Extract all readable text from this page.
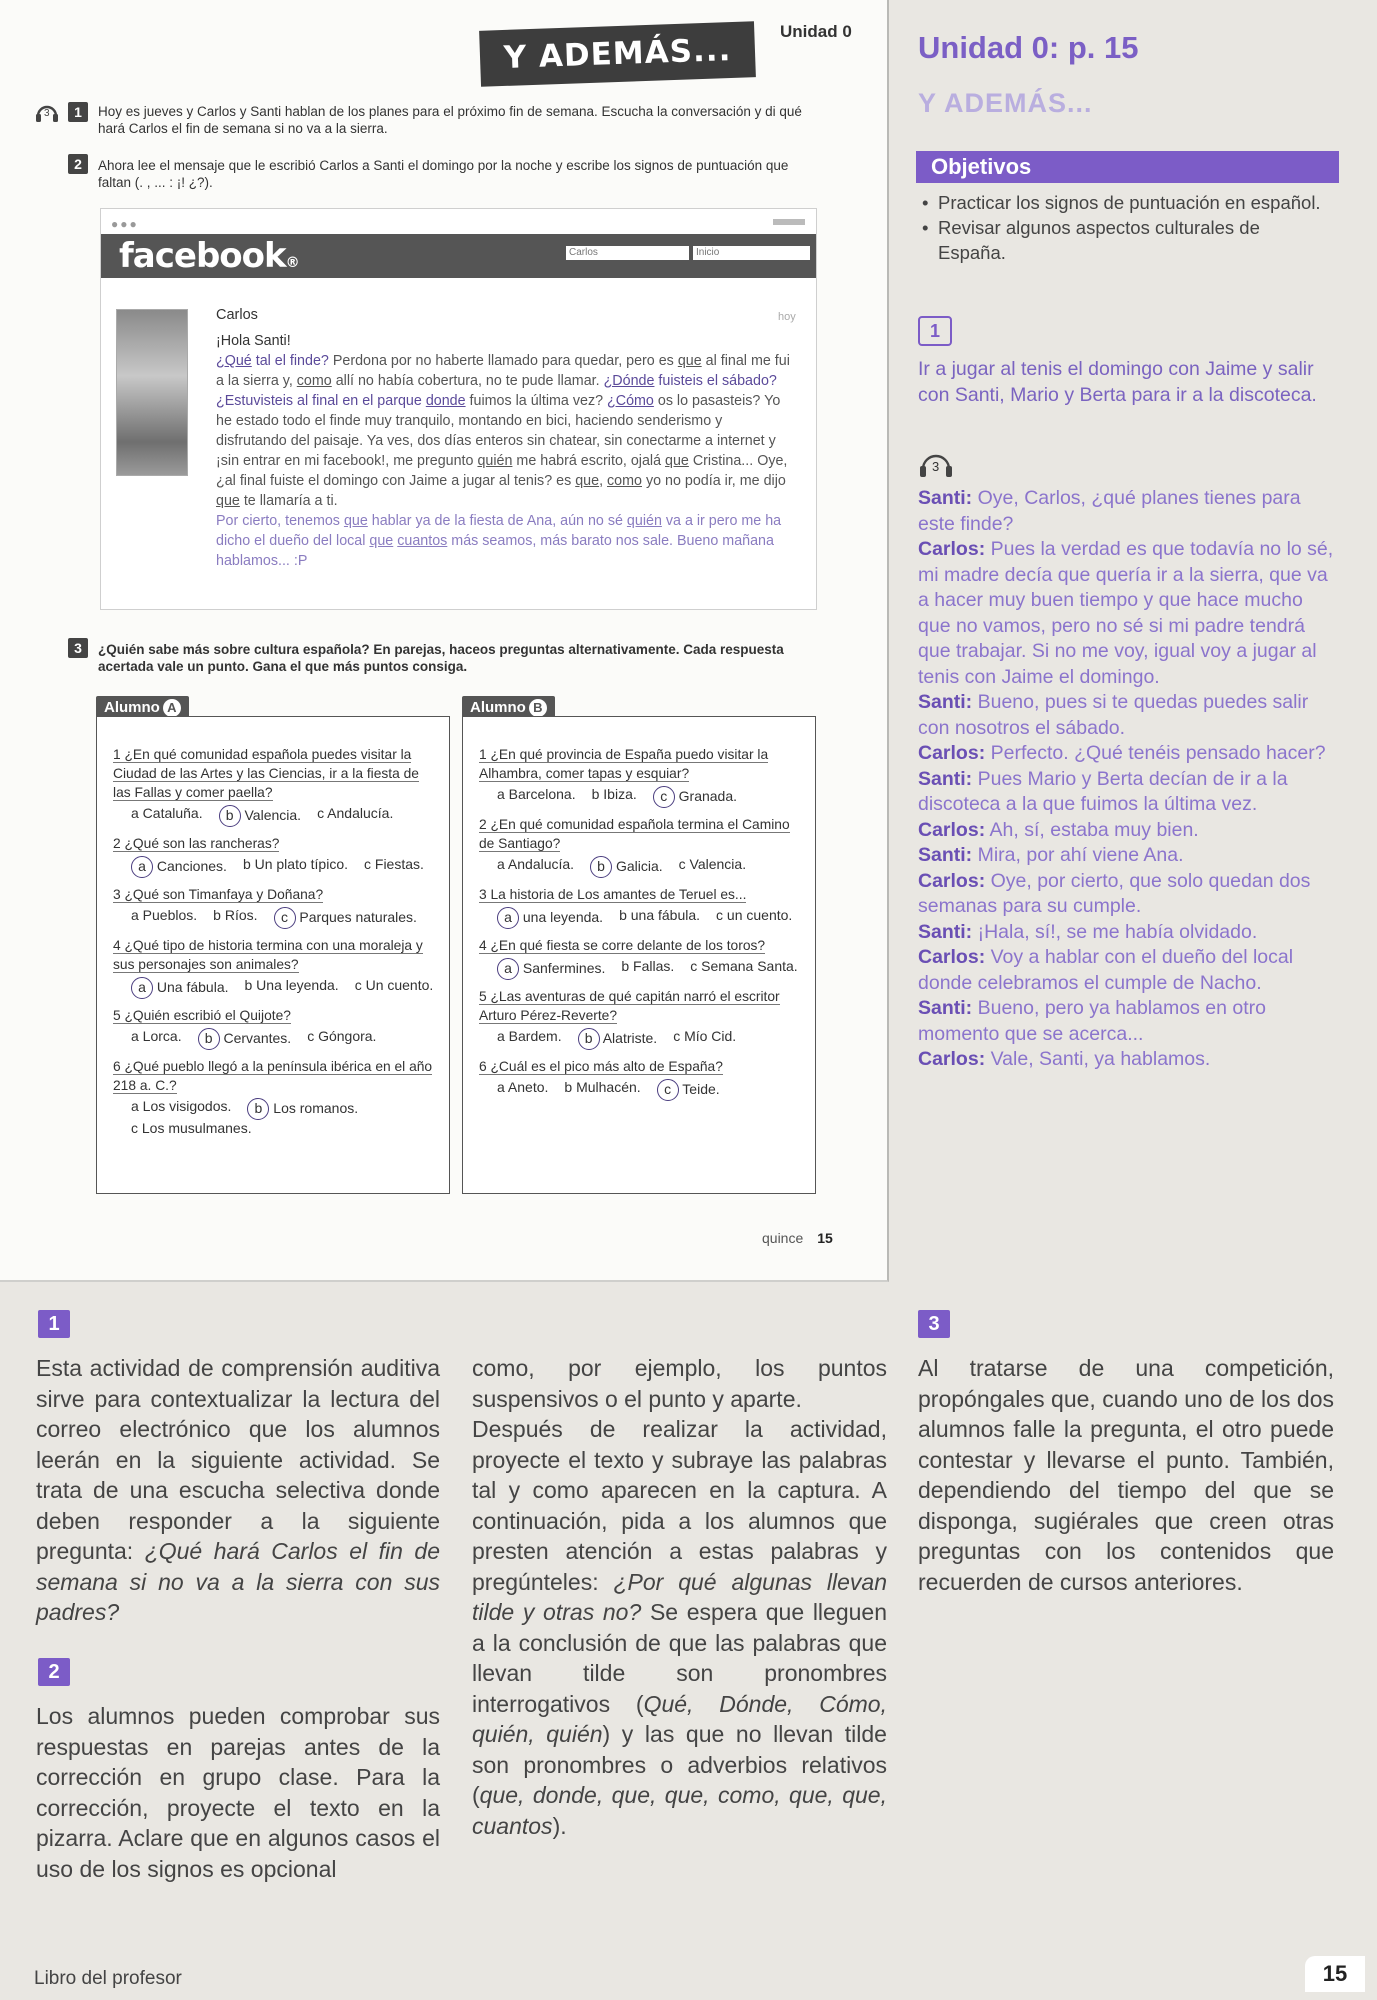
Y ADEMÁS...
Unidad 0
3	1	Hoy es jueves y Carlos y Santi hablan de los planes para el próximo fin de semana. Escucha la conversación y di qué hará Carlos el fin de semana si no va a la sierra.
2	Ahora lee el mensaje que le escribió Carlos a Santi el domingo por la noche y escribe los signos de puntuación que faltan (. , ... : ¡! ¿?).
●●●
facebook®
Carlos	Inicio
Carlos	hoy
¡Hola Santi!
¿Qué tal el finde? Perdona por no haberte llamado para quedar, pero es que al final me fui a la sierra y, como allí no había cobertura, no te pude llamar. ¿Dónde fuisteis el sábado? ¿Estuvisteis al final en el parque donde fuimos la última vez? ¿Cómo os lo pasasteis? Yo he estado todo el finde muy tranquilo, montando en bici, haciendo senderismo y disfrutando del paisaje. Ya ves, dos días enteros sin chatear, sin conectarme a internet y ¡sin entrar en mi facebook!, me pregunto quién me habrá escrito, ojalá que Cristina... Oye, ¿al final fuiste el domingo con Jaime a jugar al tenis? es que, como yo no podía ir, me dijo que te llamaría a ti.
Por cierto, tenemos que hablar ya de la fiesta de Ana, aún no sé quién va a ir pero me ha dicho el dueño del local que cuantos más seamos, más barato nos sale. Bueno mañana hablamos... :P
3	¿Quién sabe más sobre cultura española? En parejas, haceos preguntas alternativamente. Cada respuesta acertada vale un punto. Gana el que más puntos consiga.
Alumno A
1 ¿En qué comunidad española puedes visitar la Ciudad de las Artes y las Ciencias, ir a la fiesta de las Fallas y comer paella?
a Cataluña.	b Valencia. c Andalucía.
2 ¿Qué son las rancheras?
a Canciones. b Un plato típico. c Fiestas.
3 ¿Qué son Timanfaya y Doñana?
a Pueblos. b Ríos.	c Parques naturales.
4 ¿Qué tipo de historia termina con una moraleja y sus personajes son animales?
a Una fábula. b Una leyenda. c Un cuento.
5 ¿Quién escribió el Quijote?
a Lorca.	b Cervantes. c Góngora.
6 ¿Qué pueblo llegó a la península ibérica en el año 218 a. C.?
a Los visigodos.	b Los romanos.
c Los musulmanes.
Alumno B
1 ¿En qué provincia de España puedo visitar la Alhambra, comer tapas y esquiar?
a Barcelona. b Ibiza.	c Granada.
2 ¿En qué comunidad española termina el Camino de Santiago?
a Andalucía.	b Galicia. c Valencia.
3 La historia de Los amantes de Teruel es...
a una leyenda. b una fábula. c un cuento.
4 ¿En qué fiesta se corre delante de los toros?
a Sanfermines. b Fallas. c Semana Santa.
5 ¿Las aventuras de qué capitán narró el escritor Arturo Pérez-Reverte?
a Bardem.	b Alatriste. c Mío Cid.
6 ¿Cuál es el pico más alto de España?
a Aneto. b Mulhacén.	c Teide.
quince 15
Unidad 0: p. 15
Y ADEMÁS...
Objetivos
• Practicar los signos de puntuación en español.
• Revisar algunos aspectos culturales de España.
1
Ir a jugar al tenis el domingo con Jaime y salir con Santi, Mario y Berta para ir a la discoteca.
3
Santi: Oye, Carlos, ¿qué planes tienes para este finde?
Carlos: Pues la verdad es que todavía no lo sé, mi madre decía que quería ir a la sierra, que va a hacer muy buen tiempo y que hace mucho que no vamos, pero no sé si mi padre tendrá que trabajar. Si no me voy, igual voy a jugar al tenis con Jaime el domingo.
Santi: Bueno, pues si te quedas puedes salir con nosotros el sábado.
Carlos: Perfecto. ¿Qué tenéis pensado hacer?
Santi: Pues Mario y Berta decían de ir a la discoteca a la que fuimos la última vez.
Carlos: Ah, sí, estaba muy bien.
Santi: Mira, por ahí viene Ana.
Carlos: Oye, por cierto, que solo quedan dos semanas para su cumple.
Santi: ¡Hala, sí!, se me había olvidado.
Carlos: Voy a hablar con el dueño del local donde celebramos el cumple de Nacho.
Santi: Bueno, pero ya hablamos en otro momento que se acerca...
Carlos: Vale, Santi, ya hablamos.
1
Esta actividad de comprensión auditiva sirve para contextualizar la lectura del correo electrónico que los alumnos leerán en la siguiente actividad. Se trata de una escucha selectiva donde deben responder a la siguiente pregunta: ¿Qué hará Carlos el fin de semana si no va a la sierra con sus padres?
2
Los alumnos pueden comprobar sus respuestas en parejas antes de la corrección en grupo clase. Para la corrección, proyecte el texto en la pizarra. Aclare que en algunos casos el uso de los signos es opcional
como, por ejemplo, los puntos suspensivos o el punto y aparte.
Después de realizar la actividad, proyecte el texto y subraye las palabras tal y como aparecen en la captura. A continuación, pida a los alumnos que presten atención a estas palabras y pregúnteles: ¿Por qué algunas llevan tilde y otras no? Se espera que lleguen a la conclusión de que las palabras que llevan tilde son pronombres interrogativos (Qué, Dónde, Cómo, quién, quién) y las que no llevan tilde son pronombres o adverbios relativos (que, donde, que, que, como, que, que, cuantos).
3
Al tratarse de una competición, propóngales que, cuando uno de los dos alumnos falle la pregunta, el otro puede contestar y llevarse el punto. También, dependiendo del tiempo del que se disponga, sugiérales que creen otras preguntas con los contenidos que recuerden de cursos anteriores.
Libro del profesor	15
